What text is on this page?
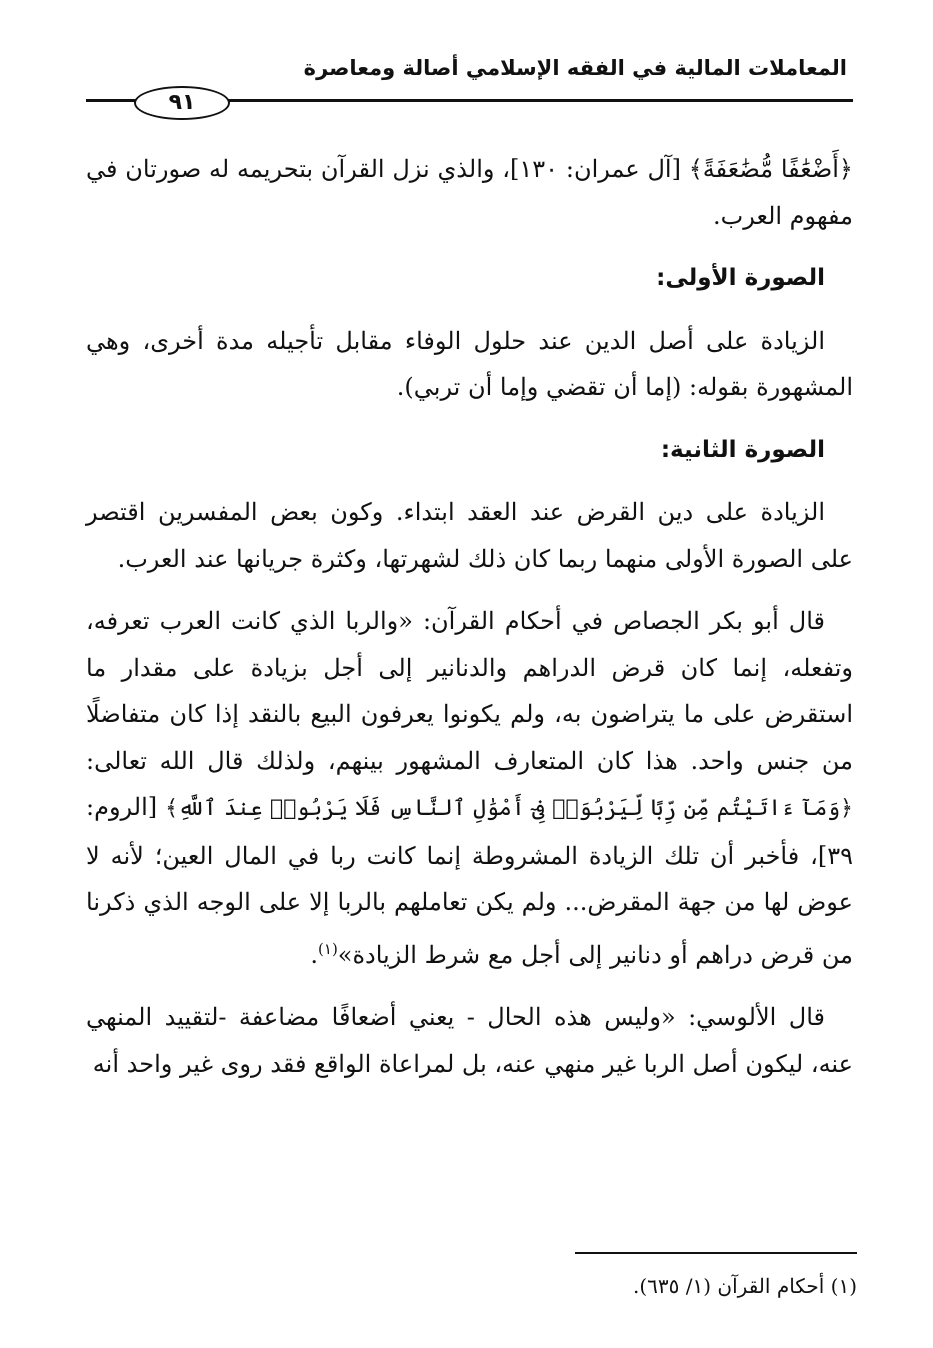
المعاملات المالية في الفقه الإسلامي أصالة ومعاصرة
٩١

﴿أَضْعَٰفًا مُّضَٰعَفَةً﴾ [آل عمران: ١٣٠]، والذي نزل القرآن بتحريمه له صورتان في مفهوم العرب.

الصورة الأولى:

الزيادة على أصل الدين عند حلول الوفاء مقابل تأجيله مدة أخرى، وهي المشهورة بقوله: (إما أن تقضي وإما أن تربي).

الصورة الثانية:

الزيادة على دين القرض عند العقد ابتداء. وكون بعض المفسرين اقتصر على الصورة الأولى منهما ربما كان ذلك لشهرتها، وكثرة جريانها عند العرب.

قال أبو بكر الجصاص في أحكام القرآن: «والربا الذي كانت العرب تعرفه، وتفعله، إنما كان قرض الدراهم والدنانير إلى أجل بزيادة على مقدار ما استقرض على ما يتراضون به، ولم يكونوا يعرفون البيع بالنقد إذا كان متفاضلًا من جنس واحد. هذا كان المتعارف المشهور بينهم، ولذلك قال الله تعالى: ﴿وَمَآ ءَاتَيْتُم مِّن رِّبًا لِّيَرْبُوَا۟ فِىٓ أَمْوَٰلِ ٱلنَّاسِ فَلَا يَرْبُوا۟ عِندَ ٱللَّهِ﴾ [الروم: ٣٩]، فأخبر أن تلك الزيادة المشروطة إنما كانت ربا في المال العين؛ لأنه لا عوض لها من جهة المقرض... ولم يكن تعاملهم بالربا إلا على الوجه الذي ذكرنا من قرض دراهم أو دنانير إلى أجل مع شرط الزيادة»$^{(١)}$.

قال الألوسي: «وليس هذه الحال - يعني أضعافًا مضاعفة -لتقييد المنهي عنه، ليكون أصل الربا غير منهي عنه، بل لمراعاة الواقع فقد روى غير واحد أنه

(١) أحكام القرآن (١/ ٦٣٥).
